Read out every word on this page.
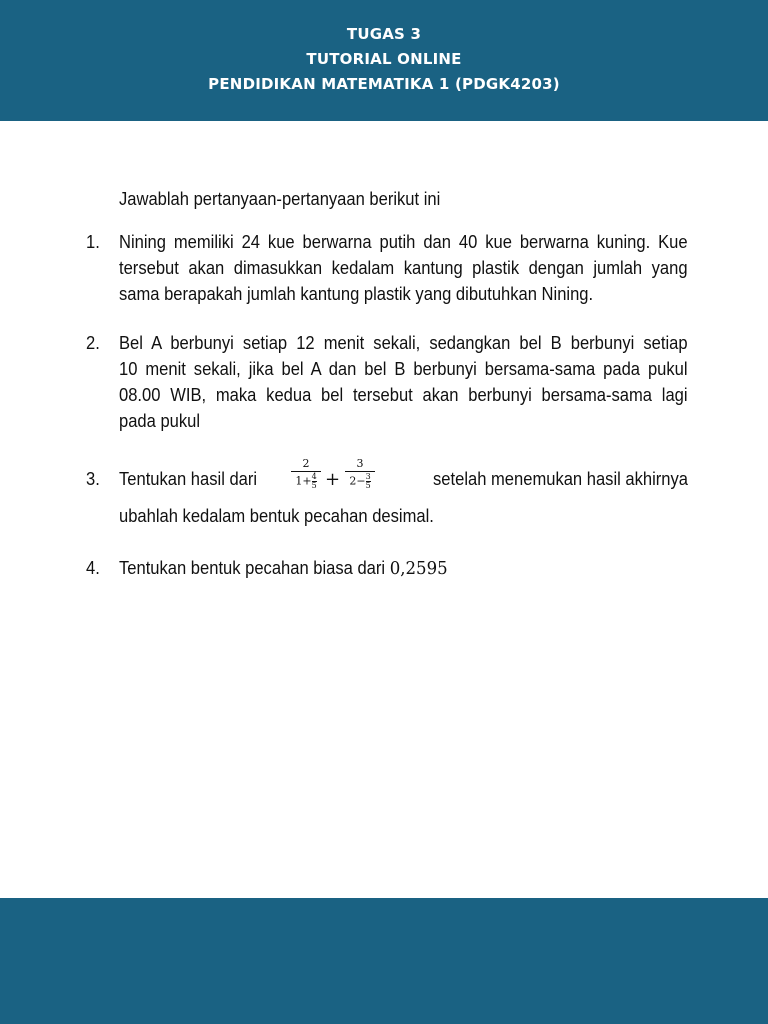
TUGAS 3
TUTORIAL ONLINE
PENDIDIKAN MATEMATIKA 1 (PDGK4203)
Jawablah pertanyaan-pertanyaan berikut ini
1. Nining memiliki 24 kue berwarna putih dan 40 kue berwarna kuning. Kue
tersebut akan dimasukkan kedalam kantung plastik dengan jumlah yang
sama berapakah jumlah kantung plastik yang dibutuhkan Nining.
2. Bel A berbunyi setiap 12 menit sekali, sedangkan bel B berbunyi setiap
10 menit sekali, jika bel A dan bel B berbunyi bersama-sama pada pukul
08.00 WIB, maka kedua bel tersebut akan berbunyi bersama-sama lagi
pada pukul
3. Tentukan hasil dari
2
$1+\frac{4}{5}$ +
3
$2-\frac{3}{5}$	setelah menemukan hasil akhirnya
ubahlah kedalam bentuk pecahan desimal.
4. Tentukan bentuk pecahan biasa dari 0,2595
